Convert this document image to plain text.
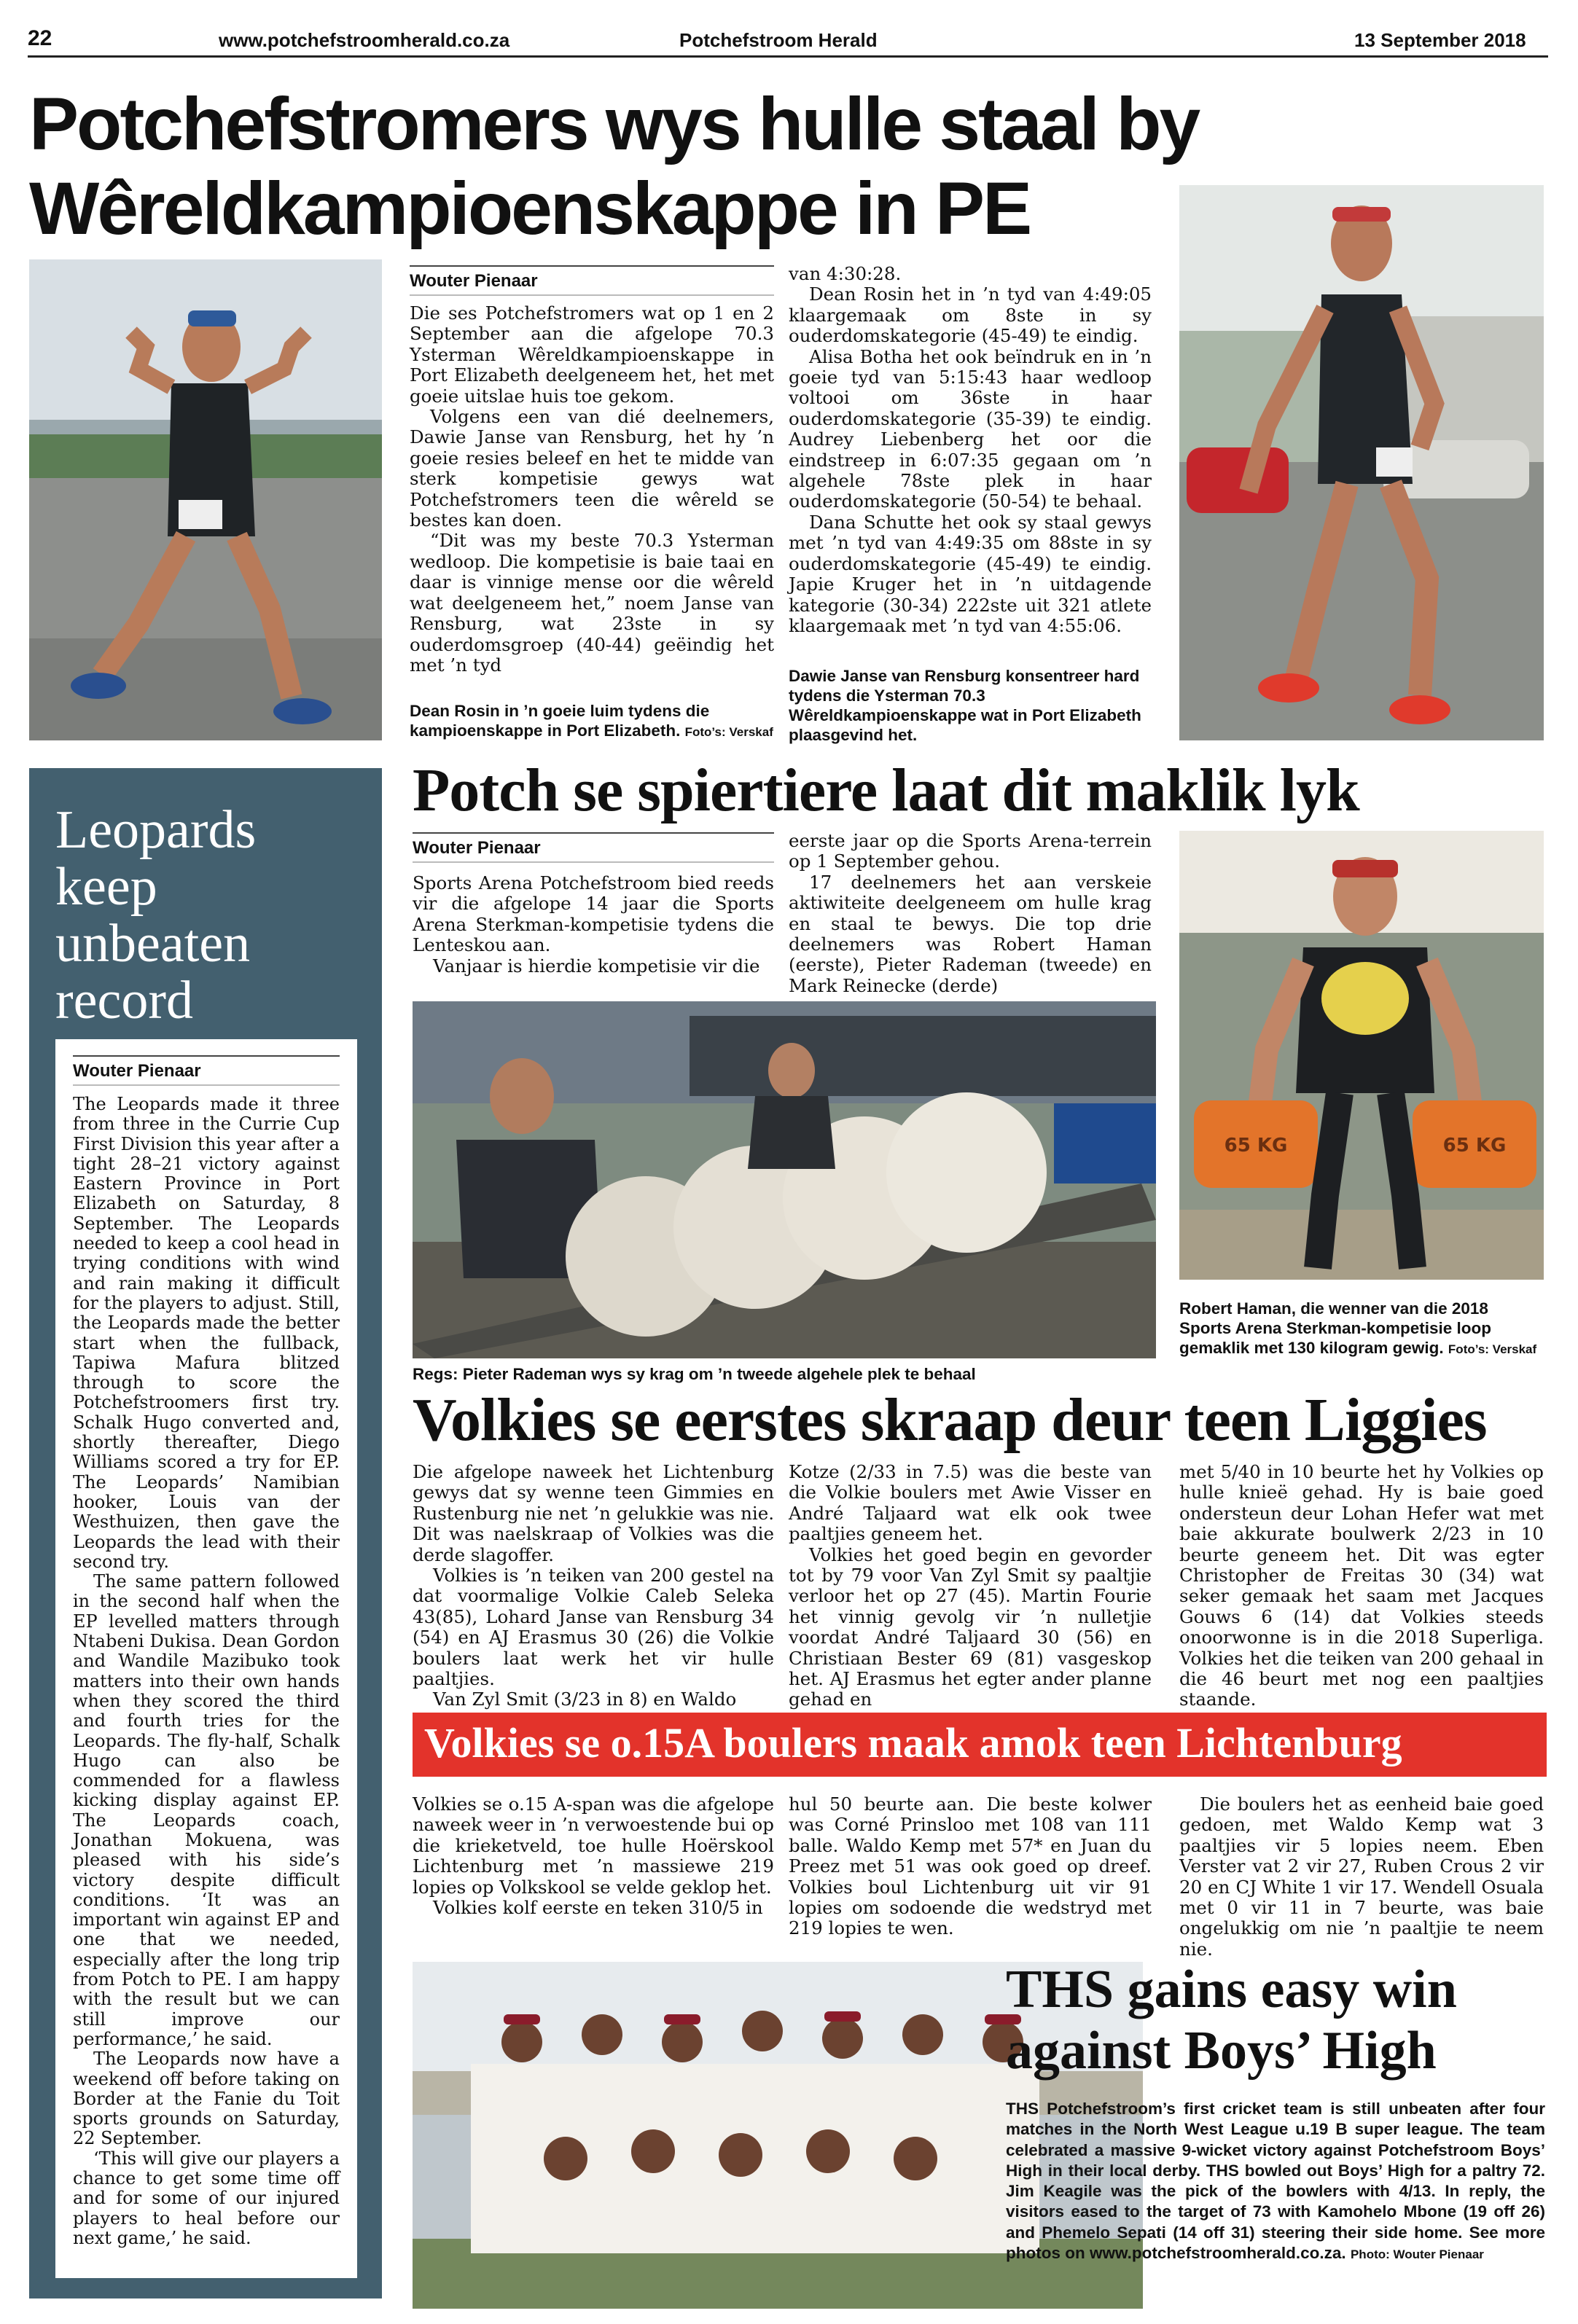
22	www.potchefstroomherald.co.za	Potchefstroom Herald	13 September 2018
Potchefstromers wys hulle staal by
Wêreldkampioenskappe in PE
Wouter Pienaar

Die ses Potchefstromers wat op 1 en 2 September aan die afgelope 70.3 Ysterman Wêreldkampioenskappe in Port Elizabeth deelgeneem het, het met goeie uitslae huis toe gekom.

Volgens een van dié deelnemers, Dawie Janse van Rensburg, het hy ’n goeie resies beleef en het te midde van sterk kompetisie gewys wat Potchefstromers teen die wêreld se bestes kan doen.

“Dit was my beste 70.3 Ysterman wedloop. Die kompetisie is baie taai en daar is vinnige mense oor die wêreld wat deelgeneem het,” noem Janse van Rensburg, wat 23ste in sy ouderdomsgroep (40-44) geëindig het met ’n tyd

van 4:30:28.

Dean Rosin het in ’n tyd van 4:49:05 klaargemaak om 8ste in sy ouderdomskategorie (45-49) te eindig.

Alisa Botha het ook beïndruk en in ’n goeie tyd van 5:15:43 haar wedloop voltooi om 36ste in haar ouderdomskategorie (35-39) te eindig. Audrey Liebenberg het oor die eindstreep in 6:07:35 gegaan om ’n algehele 78ste plek in haar ouderdomskategorie (50-54) te behaal.

Dana Schutte het ook sy staal gewys met ’n tyd van 4:49:35 om 88ste in sy ouderdomskategorie (45-49) te eindig. Japie Kruger het in ’n uitdagende kategorie (30-34) 222ste uit 321 atlete klaargemaak met ’n tyd van 4:55:06.

Dean Rosin in ’n goeie luim tydens die kampioenskappe in Port Elizabeth. Foto’s: Verskaf
Dawie Janse van Rensburg konsentreer hard tydens die Ysterman 70.3 Wêreldkampioenskappe wat in Port Elizabeth plaasgevind het.
Leopards keep unbeaten record
Wouter Pienaar

The Leopards made it three from three in the Currie Cup First Division this year after a tight 28–21 victory against Eastern Province in Port Elizabeth on Saturday, 8 September. The Leopards needed to keep a cool head in trying conditions with wind and rain making it difficult for the players to adjust. Still, the Leopards made the better start when the fullback, Tapiwa Mafura blitzed through to score the Potchefstroomers first try. Schalk Hugo converted and, shortly thereafter, Diego Williams scored a try for EP. The Leopards’ Namibian hooker, Louis van der Westhuizen, then gave the Leopards the lead with their second try.

The same pattern followed in the second half when the EP levelled matters through Ntabeni Dukisa. Dean Gordon and Wandile Mazibuko took matters into their own hands when they scored the third and fourth tries for the Leopards. The fly-half, Schalk Hugo can also be commended for a flawless kicking display against EP. The Leopards coach, Jonathan Mokuena, was pleased with his side’s victory despite difficult conditions. ‘It was an important win against EP and one that we needed, especially after the long trip from Potch to PE. I am happy with the result but we can still improve our performance,’ he said.

The Leopards now have a weekend off before taking on Border at the Fanie du Toit sports grounds on Saturday, 22 September.

‘This will give our players a chance to get some time off and for some of our injured players to heal before our next game,’ he said.

Potch se spiertiere laat dit maklik lyk
Wouter Pienaar

Sports Arena Potchefstroom bied reeds vir die afgelope 14 jaar die Sports Arena Sterkman-kompetisie tydens die Lenteskou aan.

Vanjaar is hierdie kompetisie vir die

eerste jaar op die Sports Arena-terrein op 1 September gehou.

17 deelnemers het aan verskeie aktiwiteite deelgeneem om hulle krag en staal te bewys. Die top drie deelnemers was Robert Haman (eerste), Pieter Rademan (tweede) en Mark Reinecke (derde)

Regs: Pieter Rademan wys sy krag om ’n tweede algehele plek te behaal
65 KG	65 KG
Robert Haman, die wenner van die 2018 Sports Arena Sterkman-kompetisie loop gemaklik met 130 kilogram gewig. Foto’s: Verskaf
Volkies se eerstes skraap deur teen Liggies

Die afgelope naweek het Lichtenburg gewys dat sy wenne teen Gimmies en Rustenburg nie net ’n gelukkie was nie. Dit was naelskraap of Volkies was die derde slagoffer.

Volkies is ’n teiken van 200 gestel na dat voormalige Volkie Caleb Seleka 43(85), Lohard Janse van Rensburg 34 (54) en AJ Erasmus 30 (26) die Volkie boulers laat werk het vir hulle paaltjies.

Van Zyl Smit (3/23 in 8) en Waldo

Kotze (2/33 in 7.5) was die beste van die Volkie boulers met Awie Visser en André Taljaard wat elk ook twee paaltjies geneem het.

Volkies het goed begin en gevorder tot by 79 voor Van Zyl Smit sy paaltjie verloor het op 27 (45). Martin Fourie het vinnig gevolg vir ’n nulletjie voordat André Taljaard 30 (56) en Christiaan Bester 69 (81) vasgeskop het. AJ Erasmus het egter ander planne gehad en

met 5/40 in 10 beurte het hy Volkies op hulle knieë gehad. Hy is baie goed ondersteun deur Lohan Hefer wat met baie akkurate boulwerk 2/23 in 10 beurte geneem het. Dit was egter Christopher de Freitas 30 (34) wat seker gemaak het saam met Jacques Gouws 6 (14) dat Volkies steeds onoorwonne is in die 2018 Superliga. Volkies het die teiken van 200 gehaal in die 46 beurt met nog een paaltjies staande.

Volkies se o.15A boulers maak amok teen Lichtenburg

Volkies se o.15 A-span was die afgelope naweek weer in ’n verwoestende bui op die krieketveld, toe hulle Hoërskool Lichtenburg met ’n massiewe 219 lopies op Volkskool se velde geklop het.

Volkies kolf eerste en teken 310/5 in

hul 50 beurte aan. Die beste kolwer was Corné Prinsloo met 108 van 111 balle. Waldo Kemp met 57* en Juan du Preez met 51 was ook goed op dreef. Volkies boul Lichtenburg uit vir 91 lopies om sodoende die wedstryd met 219 lopies te wen.

Die boulers het as eenheid baie goed gedoen, met Waldo Kemp wat 3 paaltjies vir 5 lopies neem. Eben Verster vat 2 vir 27, Ruben Crous 2 vir 20 en CJ White 1 vir 17. Wendell Osuala met 0 vir 11 in 7 beurte, was baie ongelukkig om nie ’n paaltjie te neem nie.

THS gains easy win
against Boys’ High
THS Potchefstroom’s first cricket team is still unbeaten after four matches in the North West League u.19 B super league. The team celebrated a massive 9-wicket victory against Potchefstroom Boys’ High in their local derby. THS bowled out Boys’ High for a paltry 72. Jim Keagile was the pick of the bowlers with 4/13. In reply, the visitors eased to the target of 73 with Kamohelo Mbone (19 off 26) and Phemelo Sepati (14 off 31) steering their side home. See more photos on www.potchefstroomherald.co.za. Photo: Wouter Pienaar
